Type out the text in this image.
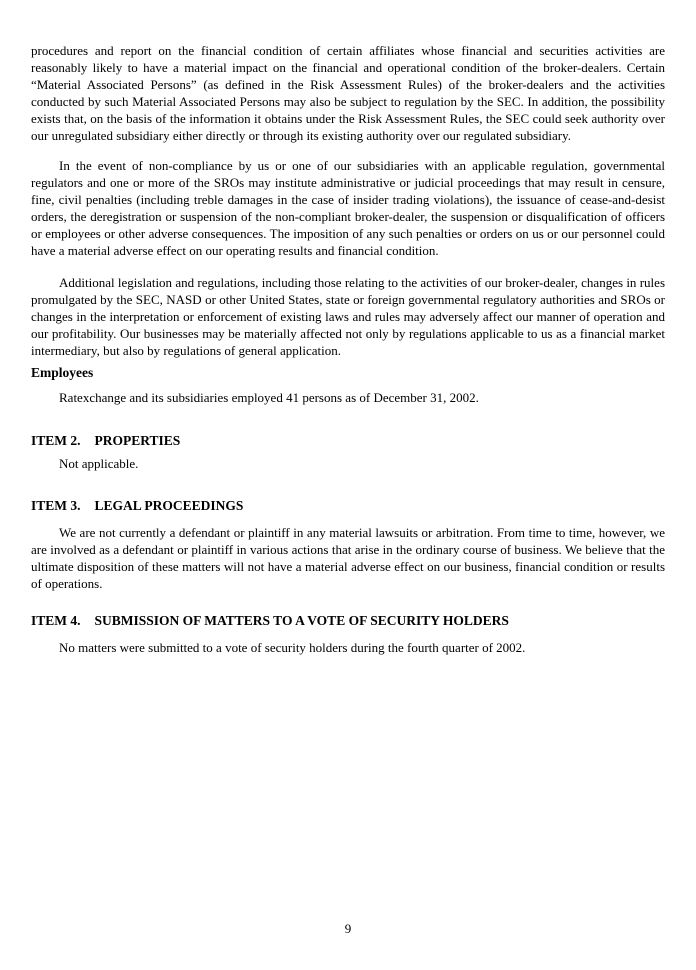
procedures and report on the financial condition of certain affiliates whose financial and securities activities are reasonably likely to have a material impact on the financial and operational condition of the broker-dealers. Certain “Material Associated Persons” (as defined in the Risk Assessment Rules) of the broker-dealers and the activities conducted by such Material Associated Persons may also be subject to regulation by the SEC. In addition, the possibility exists that, on the basis of the information it obtains under the Risk Assessment Rules, the SEC could seek authority over our unregulated subsidiary either directly or through its existing authority over our regulated subsidiary.

In the event of non-compliance by us or one of our subsidiaries with an applicable regulation, governmental regulators and one or more of the SROs may institute administrative or judicial proceedings that may result in censure, fine, civil penalties (including treble damages in the case of insider trading violations), the issuance of cease-and-desist orders, the deregistration or suspension of the non-compliant broker-dealer, the suspension or disqualification of officers or employees or other adverse consequences. The imposition of any such penalties or orders on us or our personnel could have a material adverse effect on our operating results and financial condition.

Additional legislation and regulations, including those relating to the activities of our broker-dealer, changes in rules promulgated by the SEC, NASD or other United States, state or foreign governmental regulatory authorities and SROs or changes in the interpretation or enforcement of existing laws and rules may adversely affect our manner of operation and our profitability. Our businesses may be materially affected not only by regulations applicable to us as a financial market intermediary, but also by regulations of general application.

Employees

Ratexchange and its subsidiaries employed 41 persons as of December 31, 2002.

ITEM 2. PROPERTIES

Not applicable.

ITEM 3. LEGAL PROCEEDINGS

We are not currently a defendant or plaintiff in any material lawsuits or arbitration. From time to time, however, we are involved as a defendant or plaintiff in various actions that arise in the ordinary course of business. We believe that the ultimate disposition of these matters will not have a material adverse effect on our business, financial condition or results of operations.

ITEM 4. SUBMISSION OF MATTERS TO A VOTE OF SECURITY HOLDERS

No matters were submitted to a vote of security holders during the fourth quarter of 2002.

9
